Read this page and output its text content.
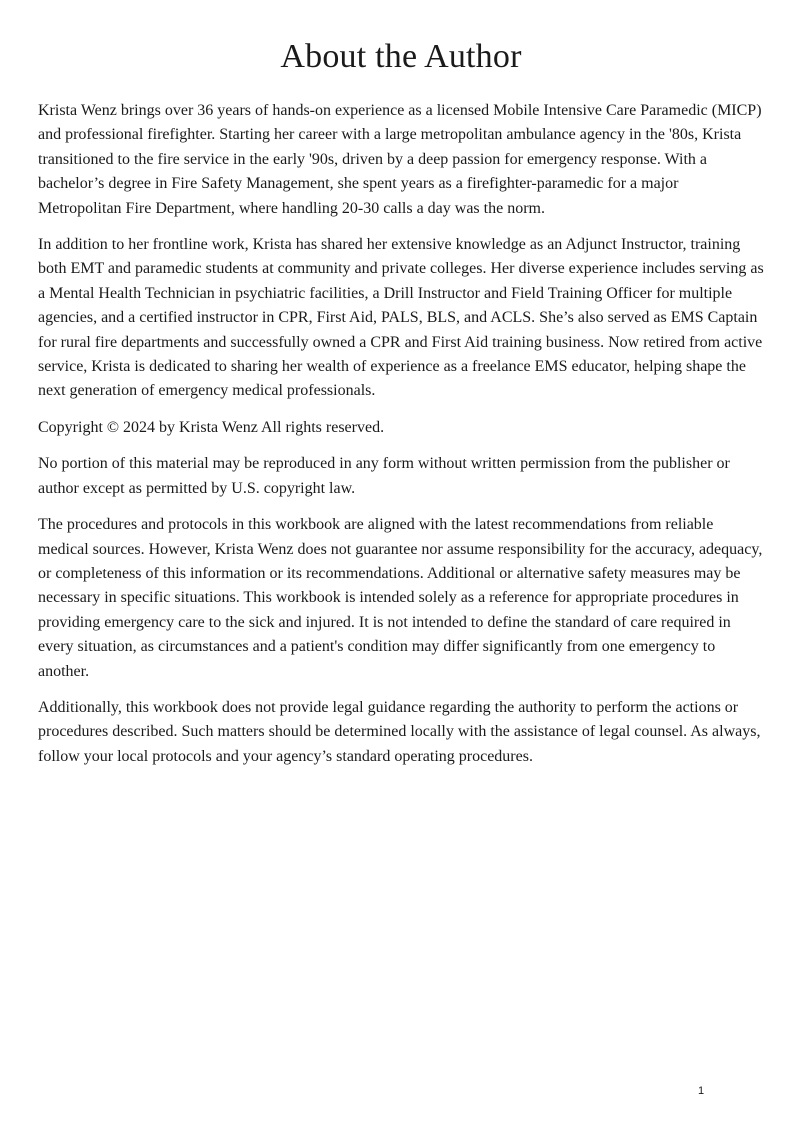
About the Author

Krista Wenz brings over 36 years of hands-on experience as a licensed Mobile Intensive Care Paramedic (MICP) and professional firefighter. Starting her career with a large metropolitan ambulance agency in the '80s, Krista transitioned to the fire service in the early '90s, driven by a deep passion for emergency response. With a bachelor’s degree in Fire Safety Management, she spent years as a firefighter-paramedic for a major Metropolitan Fire Department, where handling 20-30 calls a day was the norm.

In addition to her frontline work, Krista has shared her extensive knowledge as an Adjunct Instructor, training both EMT and paramedic students at community and private colleges. Her diverse experience includes serving as a Mental Health Technician in psychiatric facilities, a Drill Instructor and Field Training Officer for multiple agencies, and a certified instructor in CPR, First Aid, PALS, BLS, and ACLS. She’s also served as EMS Captain for rural fire departments and successfully owned a CPR and First Aid training business. Now retired from active service, Krista is dedicated to sharing her wealth of experience as a freelance EMS educator, helping shape the next generation of emergency medical professionals.

Copyright © 2024 by Krista Wenz All rights reserved.

No portion of this material may be reproduced in any form without written permission from the publisher or author except as permitted by U.S. copyright law.

The procedures and protocols in this workbook are aligned with the latest recommendations from reliable medical sources. However, Krista Wenz does not guarantee nor assume responsibility for the accuracy, adequacy, or completeness of this information or its recommendations. Additional or alternative safety measures may be necessary in specific situations. This workbook is intended solely as a reference for appropriate procedures in providing emergency care to the sick and injured. It is not intended to define the standard of care required in every situation, as circumstances and a patient's condition may differ significantly from one emergency to another.

Additionally, this workbook does not provide legal guidance regarding the authority to perform the actions or procedures described. Such matters should be determined locally with the assistance of legal counsel. As always, follow your local protocols and your agency’s standard operating procedures.

1
